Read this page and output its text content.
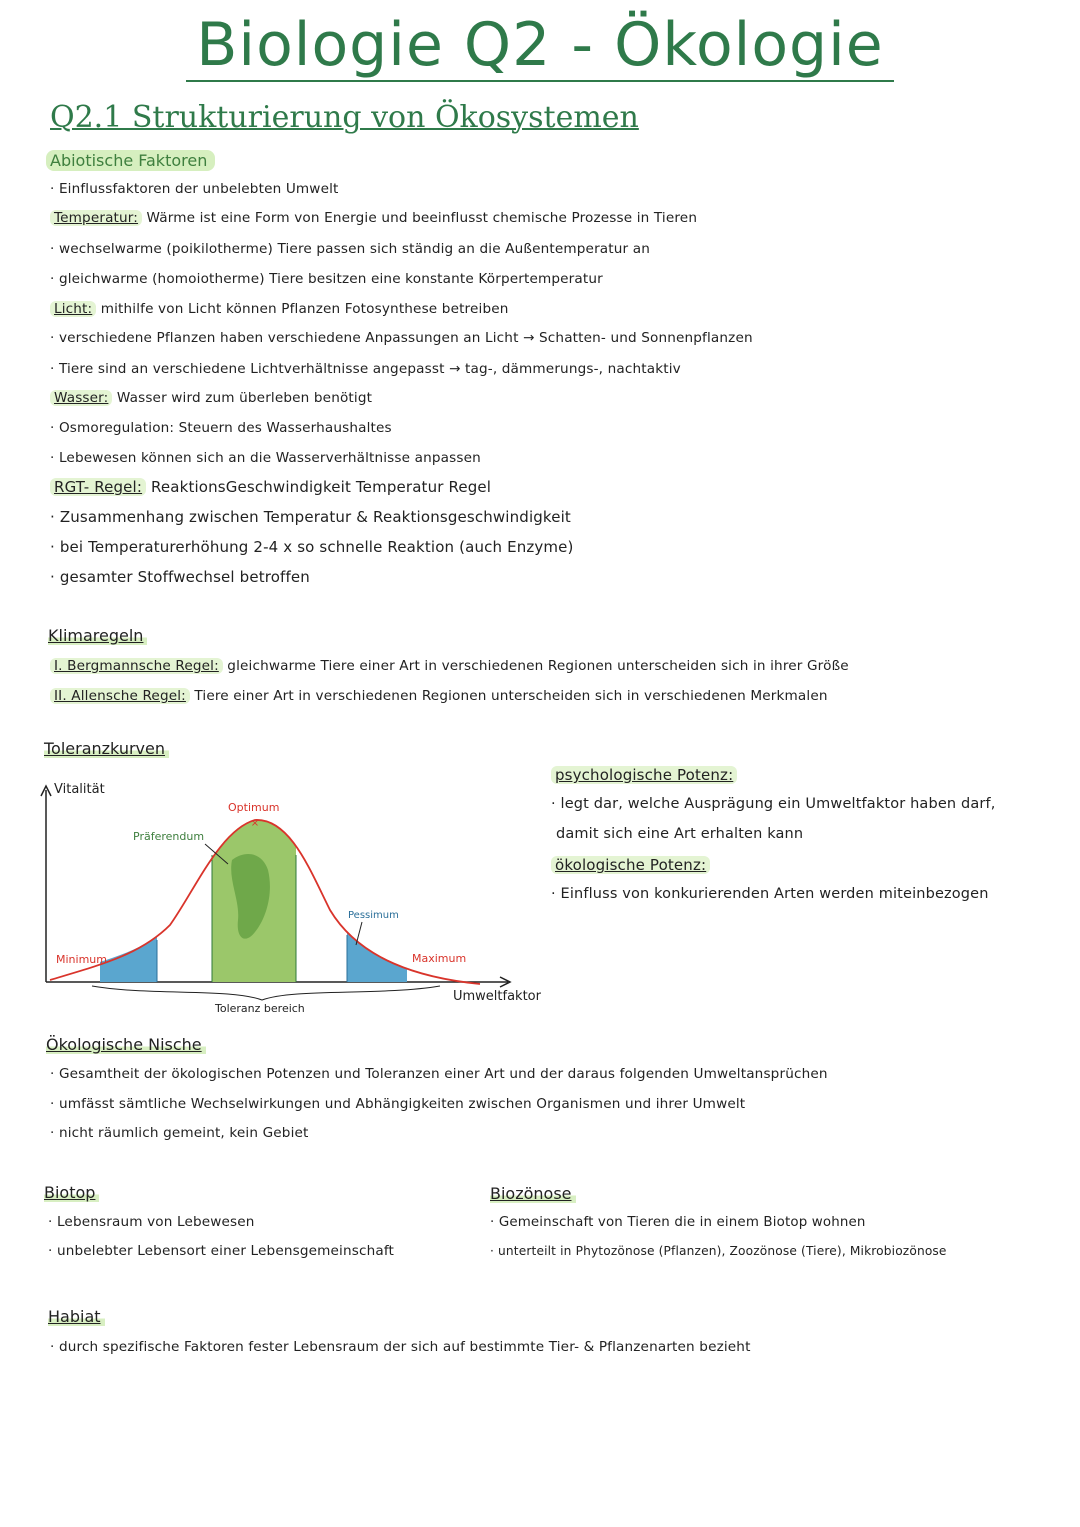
Biologie Q2 - Ökologie
Q2.1 Strukturierung von Ökosystemen
Abiotische Faktoren
· Einflussfaktoren der unbelebten Umwelt
Temperatur: Wärme ist eine Form von Energie und beeinflusst chemische Prozesse in Tieren
· wechselwarme (poikilotherme) Tiere passen sich ständig an die Außentemperatur an
· gleichwarme (homoiotherme) Tiere besitzen eine konstante Körpertemperatur
Licht: mithilfe von Licht können Pflanzen Fotosynthese betreiben
· verschiedene Pflanzen haben verschiedene Anpassungen an Licht → Schatten- und Sonnenpflanzen
· Tiere sind an verschiedene Lichtverhältnisse angepasst → tag-, dämmerungs-, nachtaktiv
Wasser: Wasser wird zum überleben benötigt
· Osmoregulation: Steuern des Wasserhaushaltes
· Lebewesen können sich an die Wasserverhältnisse anpassen
RGT- Regel: ReaktionsGeschwindigkeit Temperatur Regel
· Zusammenhang zwischen Temperatur & Reaktionsgeschwindigkeit
· bei Temperaturerhöhung 2-4 x so schnelle Reaktion (auch Enzyme)
· gesamter Stoffwechsel betroffen
Klimaregeln
I. Bergmannsche Regel: gleichwarme Tiere einer Art in verschiedenen Regionen unterscheiden sich in ihrer Größe
II. Allensche Regel: Tiere einer Art in verschiedenen Regionen unterscheiden sich in verschiedenen Merkmalen
Toleranzkurven
×
Vitalität
Optimum
Präferendum
Pessimum
Minimum	Maximum
Umweltfaktor
Toleranz bereich
psychologische Potenz:
· legt dar, welche Ausprägung ein Umweltfaktor haben darf,
damit sich eine Art erhalten kann
ökologische Potenz:
· Einfluss von konkurierenden Arten werden miteinbezogen
Ökologische Nische
· Gesamtheit der ökologischen Potenzen und Toleranzen einer Art und der daraus folgenden Umweltansprüchen
· umfässt sämtliche Wechselwirkungen und Abhängigkeiten zwischen Organismen und ihrer Umwelt
· nicht räumlich gemeint, kein Gebiet
Biotop
· Lebensraum von Lebewesen
· unbelebter Lebensort einer Lebensgemeinschaft
Biozönose
· Gemeinschaft von Tieren die in einem Biotop wohnen
· unterteilt in Phytozönose (Pflanzen), Zoozönose (Tiere), Mikrobiozönose
Habiat
· durch spezifische Faktoren fester Lebensraum der sich auf bestimmte Tier- & Pflanzenarten bezieht
